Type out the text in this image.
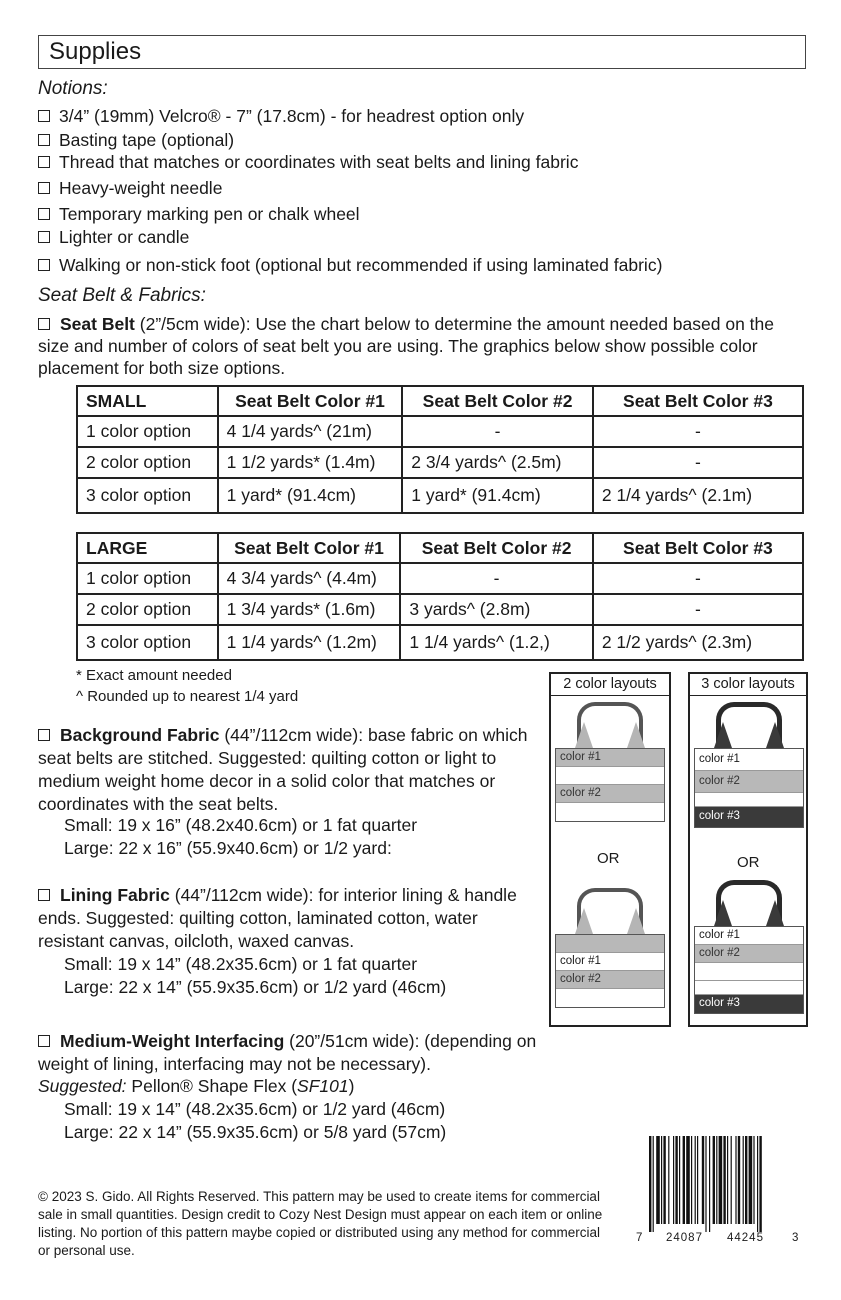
Supplies
Notions:
3/4” (19mm) Velcro® - 7” (17.8cm) - for headrest option only
Basting tape (optional)
Thread that matches or coordinates with seat belts and lining fabric
Heavy-weight needle
Temporary marking pen or chalk wheel
Lighter or candle
Walking or non-stick foot (optional but recommended if using laminated fabric)
Seat Belt & Fabrics:
Seat Belt (2”/5cm wide): Use the chart below to determine the amount needed based on the size and number of colors of seat belt you are using. The graphics below show possible color placement for both size options.
SMALL	Seat Belt Color #1	Seat Belt Color #2	Seat Belt Color #3
1 color option	4 1/4 yards^ (21m)	-	-
2 color option	1 1/2 yards* (1.4m)	2 3/4 yards^ (2.5m)	-
3 color option	1 yard* (91.4cm)	1 yard* (91.4cm)	2 1/4 yards^ (2.1m)
LARGE	Seat Belt Color #1	Seat Belt Color #2	Seat Belt Color #3
1 color option	4 3/4 yards^ (4.4m)	-	-
2 color option	1 3/4 yards* (1.6m)	3 yards^ (2.8m)	-
3 color option	1 1/4 yards^ (1.2m)	1 1/4 yards^ (1.2,)	2 1/2 yards^ (2.3m)
* Exact amount needed
^ Rounded up to nearest 1/4 yard
Background Fabric (44”/112cm wide): base fabric on which seat belts are stitched. Suggested: quilting cotton or light to medium weight home decor in a solid color that matches or coordinates with the seat belts.
Small: 19 x 16” (48.2x40.6cm) or 1 fat quarter
Large: 22 x 16” (55.9x40.6cm) or 1/2 yard:
Lining Fabric (44”/112cm wide): for interior lining & handle ends. Suggested: quilting cotton, laminated cotton, water resistant canvas, oilcloth, waxed canvas.
Small: 19 x 14” (48.2x35.6cm) or 1 fat quarter
Large: 22 x 14” (55.9x35.6cm) or 1/2 yard (46cm)
Medium-Weight Interfacing (20”/51cm wide): (depending on weight of lining, interfacing may not be necessary).
Suggested: Pellon® Shape Flex (SF101)
Small: 19 x 14” (48.2x35.6cm) or 1/2 yard (46cm)
Large: 22 x 14” (55.9x35.6cm) or 5/8 yard (57cm)
2 color layouts
color #1
color #2
OR
color #1
color #2
3 color layouts
color #1
color #2
color #3
OR
color #1
color #2
color #3
7 24087 44245 3
© 2023 S. Gido. All Rights Reserved. This pattern may be used to create items for commercial sale in small quantities. Design credit to Cozy Nest Design must appear on each item or online listing. No portion of this pattern maybe copied or distributed using any method for commercial or personal use.
